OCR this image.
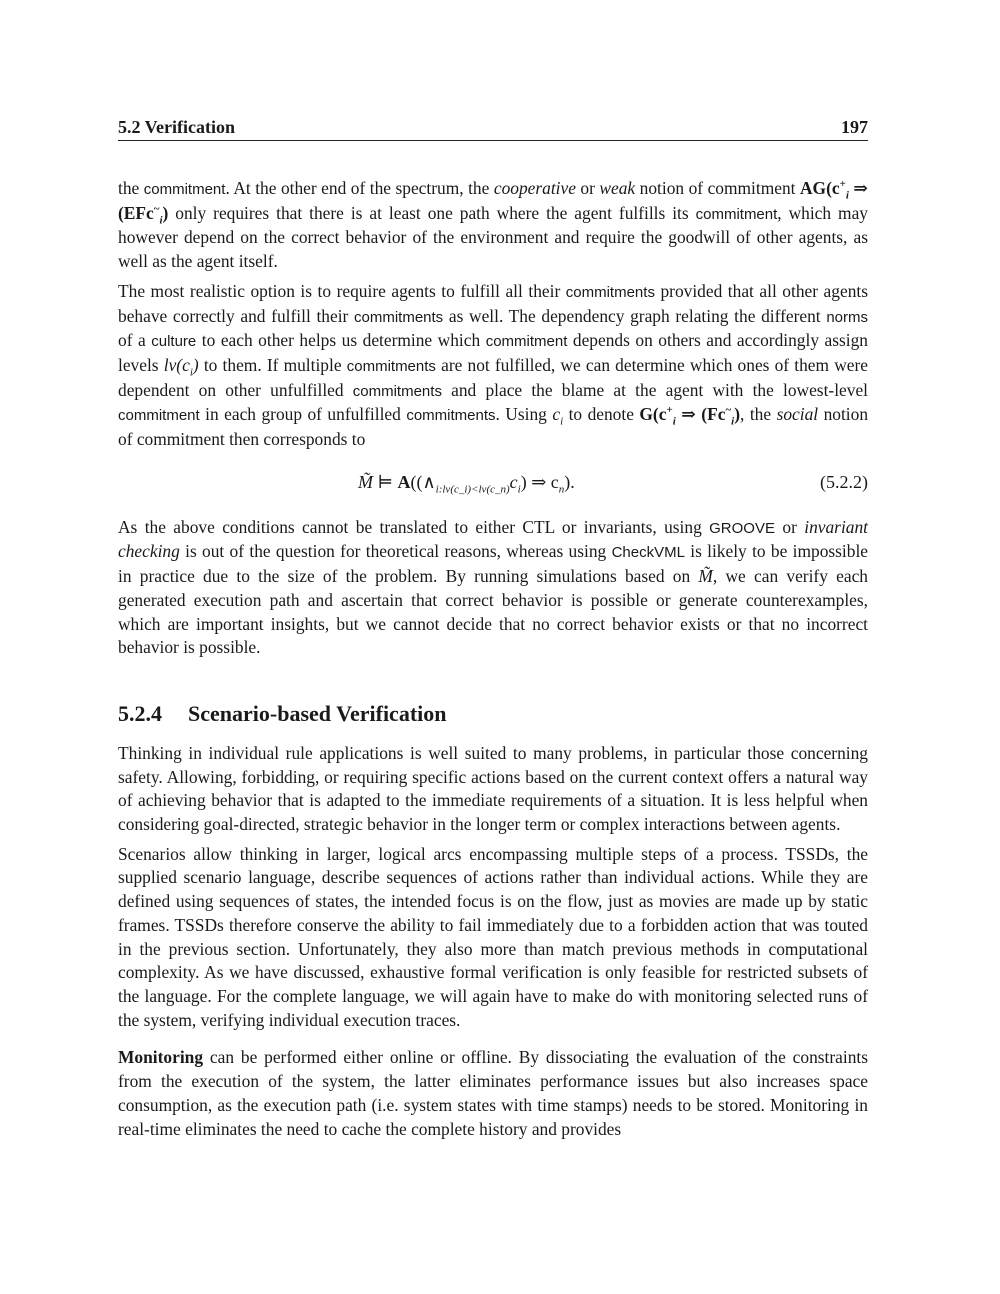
5.2 Verification	197

the commitment. At the other end of the spectrum, the cooperative or weak notion of commitment $AG(c^+_i$ ⇒ (EFc~$_i$) only requires that there is at least one path where the agent fulfills its commitment, which may however depend on the correct behavior of the environment and require the goodwill of other agents, as well as the agent itself.

The most realistic option is to require agents to fulfill all their commitments provided that all other agents behave correctly and fulfill their commitments as well. The dependency graph relating the different norms of a culture to each other helps us determine which commitment depends on others and accordingly assign levels $lv(c_i)$ to them. If multiple commitments are not fulfilled, we can determine which ones of them were dependent on other unfulfilled commitments and place the blame at the agent with the lowest-level commitment in each group of unfulfilled commitments. Using $c_i$ to denote $G(c^+_i$ ⇒ $(Fc^\sim_i)$, the social notion of commitment then corresponds to

M̃ ⊨ $A((\wedge_{i:lv(c\_i)<lv(c\_n)}c_i)$ ⇒ $c_n$).	(5.2.2)

As the above conditions cannot be translated to either CTL or invariants, using GROOVE or invariant checking is out of the question for theoretical reasons, whereas using CheckVML is likely to be impossible in practice due to the size of the problem. By running simulations based on M̃, we can verify each generated execution path and ascertain that correct behavior is possible or generate counterexamples, which are important insights, but we cannot decide that no correct behavior exists or that no incorrect behavior is possible.

5.2.4 Scenario-based Verification

Thinking in individual rule applications is well suited to many problems, in particular those concerning safety. Allowing, forbidding, or requiring specific actions based on the current context offers a natural way of achieving behavior that is adapted to the immediate requirements of a situation. It is less helpful when considering goal-directed, strategic behavior in the longer term or complex interactions between agents.

Scenarios allow thinking in larger, logical arcs encompassing multiple steps of a process. TSSDs, the supplied scenario language, describe sequences of actions rather than individual actions. While they are defined using sequences of states, the intended focus is on the flow, just as movies are made up by static frames. TSSDs therefore conserve the ability to fail immediately due to a forbidden action that was touted in the previous section. Unfortunately, they also more than match previous methods in computational complexity. As we have discussed, exhaustive formal verification is only feasible for restricted subsets of the language. For the complete language, we will again have to make do with monitoring selected runs of the system, verifying individual execution traces.

Monitoring can be performed either online or offline. By dissociating the evaluation of the constraints from the execution of the system, the latter eliminates performance issues but also increases space consumption, as the execution path (i.e. system states with time stamps) needs to be stored. Monitoring in real-time eliminates the need to cache the complete history and provides
